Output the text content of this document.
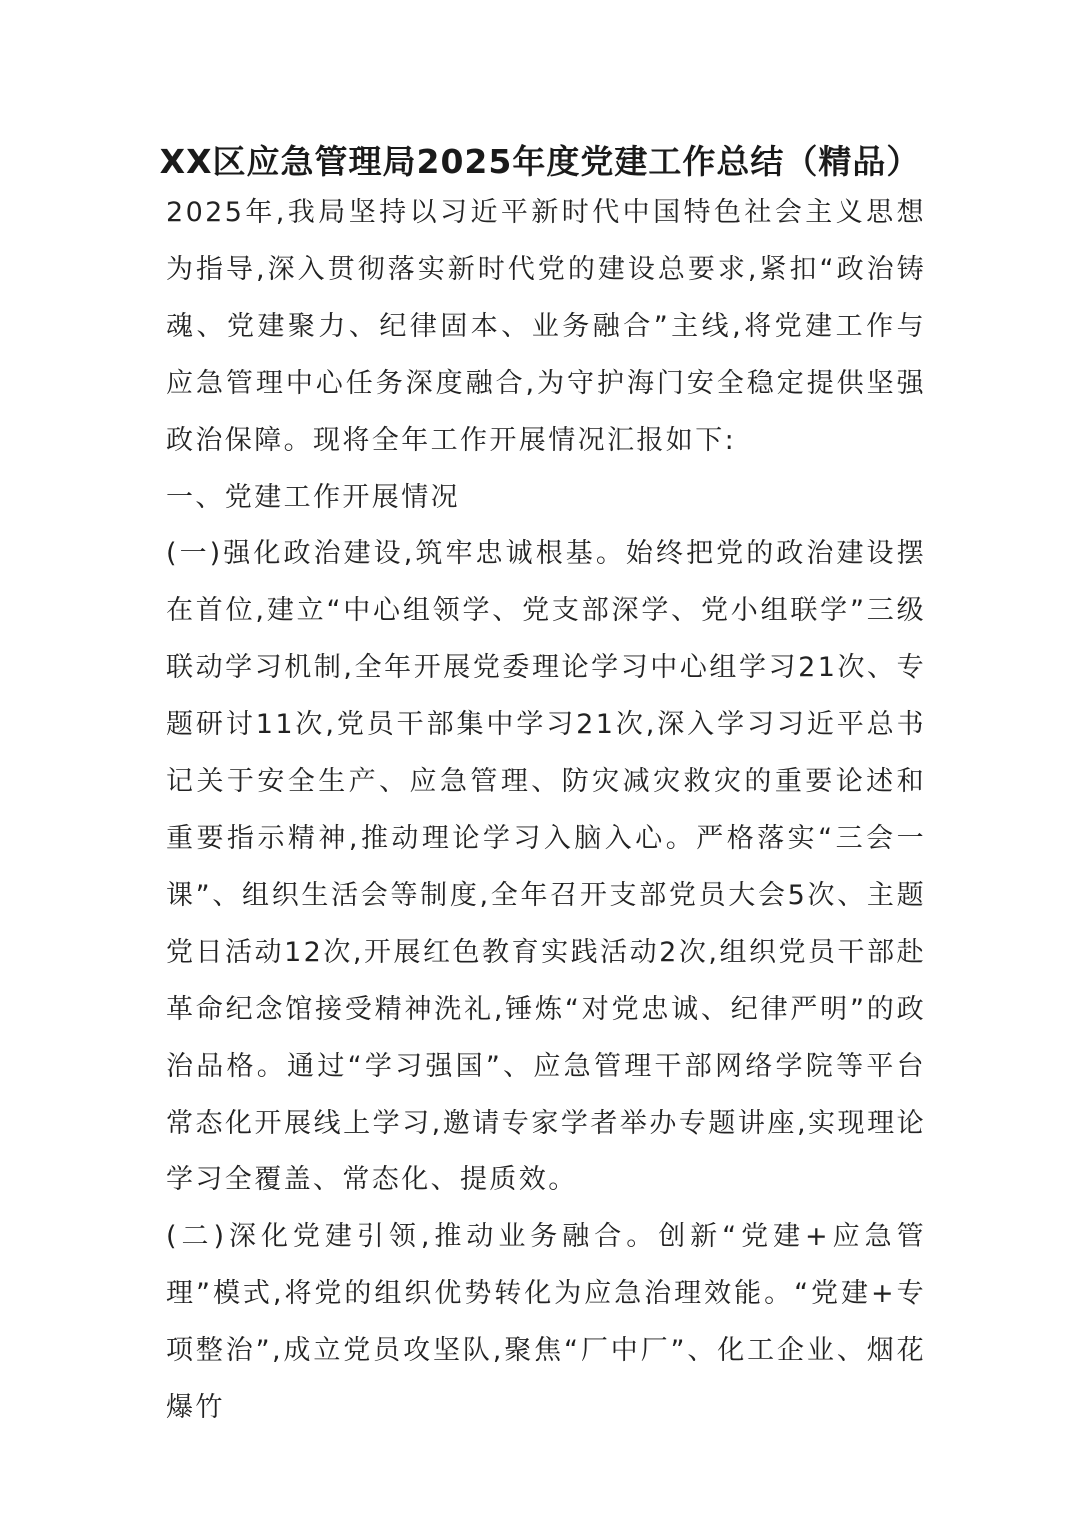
XX区应急管理局2025年度党建工作总结（精品）

2025年,我局坚持以习近平新时代中国特色社会主义思想为指导,深入贯彻落实新时代党的建设总要求,紧扣“政治铸魂、党建聚力、纪律固本、业务融合”主线,将党建工作与应急管理中心任务深度融合,为守护海门安全稳定提供坚强政治保障。现将全年工作开展情况汇报如下:

一、党建工作开展情况

(一)强化政治建设,筑牢忠诚根基。始终把党的政治建设摆在首位,建立“中心组领学、党支部深学、党小组联学”三级联动学习机制,全年开展党委理论学习中心组学习21次、专题研讨11次,党员干部集中学习21次,深入学习习近平总书记关于安全生产、应急管理、防灾减灾救灾的重要论述和重要指示精神,推动理论学习入脑入心。严格落实“三会一课”、组织生活会等制度,全年召开支部党员大会5次、主题党日活动12次,开展红色教育实践活动2次,组织党员干部赴革命纪念馆接受精神洗礼,锤炼“对党忠诚、纪律严明”的政治品格。通过“学习强国”、应急管理干部网络学院等平台常态化开展线上学习,邀请专家学者举办专题讲座,实现理论学习全覆盖、常态化、提质效。

(二)深化党建引领,推动业务融合。创新“党建+应急管理”模式,将党的组织优势转化为应急治理效能。“党建+专项整治”,成立党员攻坚队,聚焦“厂中厂”、化工企业、烟花爆竹
